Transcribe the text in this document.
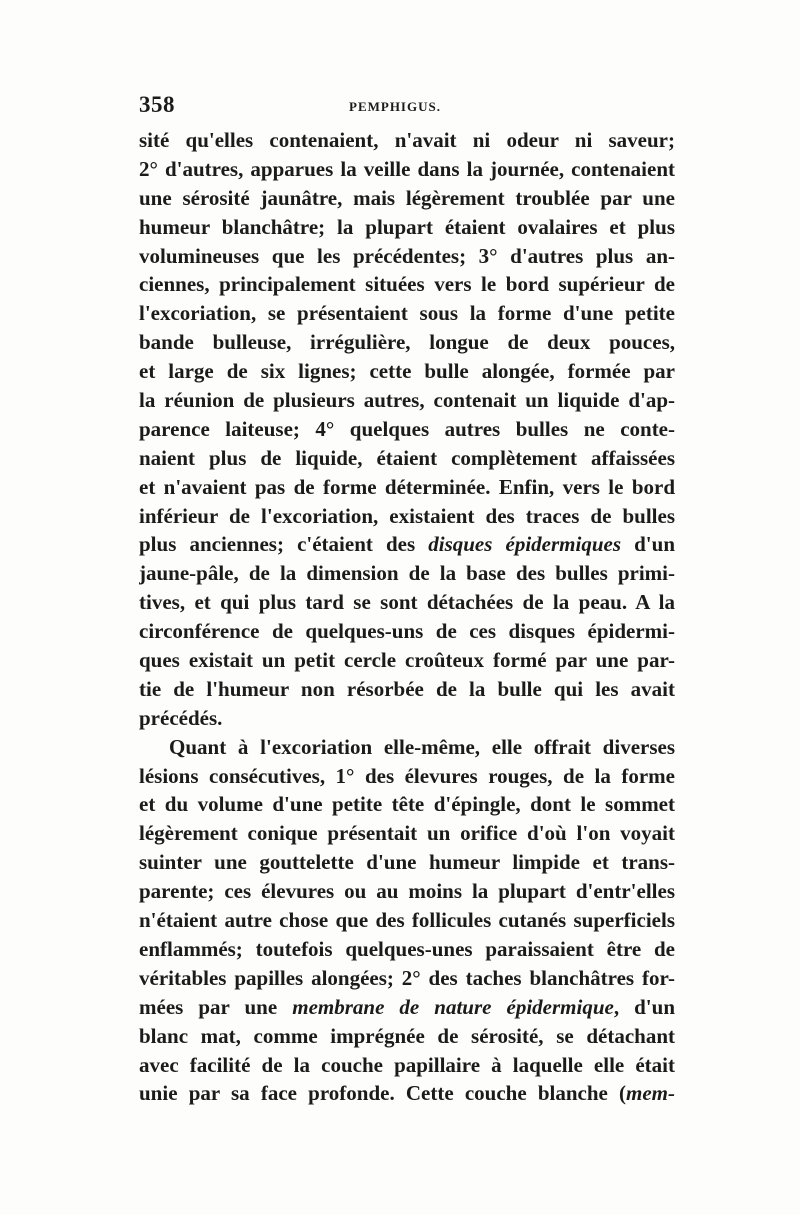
358	PEMPHIGUS.
sité qu'elles contenaient, n'avait ni odeur ni saveur;
2° d'autres, apparues la veille dans la journée, contenaient
une sérosité jaunâtre, mais légèrement troublée par une
humeur blanchâtre; la plupart étaient ovalaires et plus
volumineuses que les précédentes; 3° d'autres plus an-
ciennes, principalement situées vers le bord supérieur de
l'excoriation, se présentaient sous la forme d'une petite
bande bulleuse, irrégulière, longue de deux pouces,
et large de six lignes; cette bulle alongée, formée par
la réunion de plusieurs autres, contenait un liquide d'ap-
parence laiteuse; 4° quelques autres bulles ne conte-
naient plus de liquide, étaient complètement affaissées
et n'avaient pas de forme déterminée. Enfin, vers le bord
inférieur de l'excoriation, existaient des traces de bulles
plus anciennes; c'étaient des disques épidermiques d'un
jaune-pâle, de la dimension de la base des bulles primi-
tives, et qui plus tard se sont détachées de la peau. A la
circonférence de quelques-uns de ces disques épidermi-
ques existait un petit cercle croûteux formé par une par-
tie de l'humeur non résorbée de la bulle qui les avait
précédés.
Quant à l'excoriation elle-même, elle offrait diverses
lésions consécutives, 1° des élevures rouges, de la forme
et du volume d'une petite tête d'épingle, dont le sommet
légèrement conique présentait un orifice d'où l'on voyait
suinter une gouttelette d'une humeur limpide et trans-
parente; ces élevures ou au moins la plupart d'entr'elles
n'étaient autre chose que des follicules cutanés superficiels
enflammés; toutefois quelques-unes paraissaient être de
véritables papilles alongées; 2° des taches blanchâtres for-
mées par une membrane de nature épidermique, d'un
blanc mat, comme imprégnée de sérosité, se détachant
avec facilité de la couche papillaire à laquelle elle était
unie par sa face profonde. Cette couche blanche (mem-
